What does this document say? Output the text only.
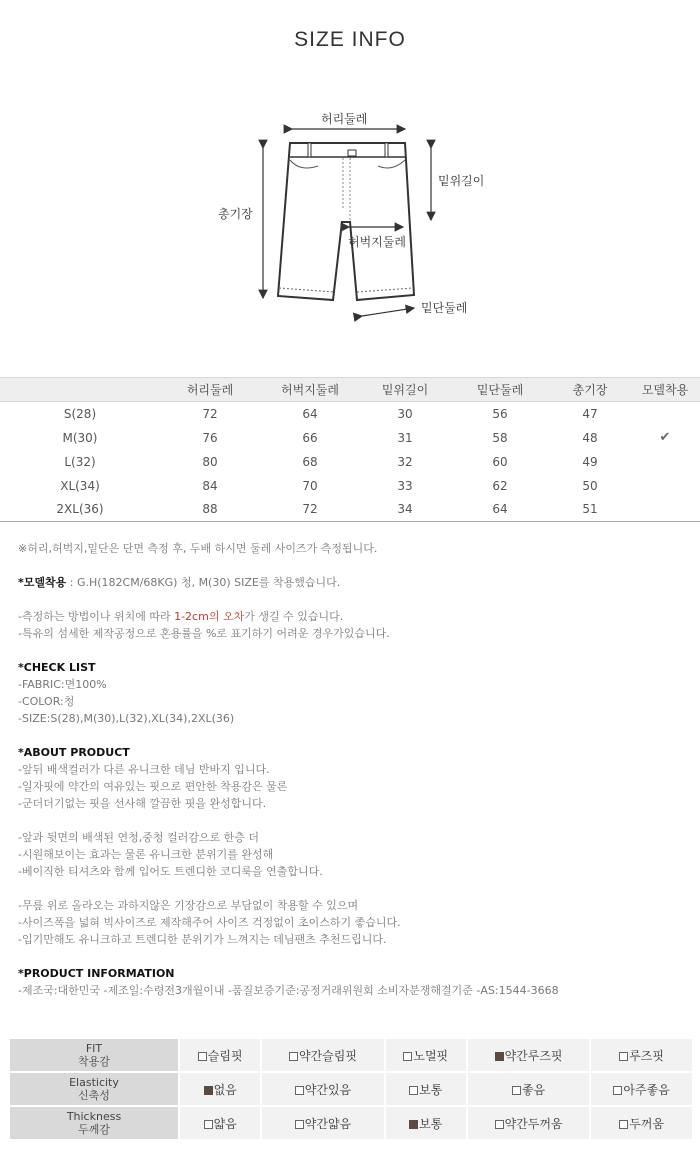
SIZE INFO
허리둘레
밑위길이
총기장
허벅지둘레
밑단둘레
	허리둘레	허벅지둘레	밑위길이	밑단둘레	총기장	모델착용
S(28)	72	64	30	56	47	
M(30)	76	66	31	58	48	✔
L(32)	80	68	32	60	49	
XL(34)	84	70	33	62	50	
2XL(36)	88	72	34	64	51	
※허리,허벅지,밑단은 단면 측정 후, 두배 하시면 둘레 사이즈가 측정됩니다.
*모델착용 : G.H(182CM/68KG) 청, M(30) SIZE를 착용했습니다.
-측정하는 방법이나 위치에 따라 1-2cm의 오차가 생길 수 있습니다.
-특유의 섬세한 제작공정으로 혼용률을 %로 표기하기 어려운 경우가있습니다.
*CHECK LIST
-FABRIC:면100%
-COLOR:청
-SIZE:S(28),M(30),L(32),XL(34),2XL(36)
*ABOUT PRODUCT
-앞뒤 배색컬러가 다른 유니크한 데님 반바지 입니다.
-일자핏에 약간의 여유있는 핏으로 편안한 착용감은 물론
-군더더기없는 핏을 선사해 깔끔한 핏을 완성합니다.
-앞과 뒷면의 배색된 연청,중청 컬러감으로 한층 더
-시원해보이는 효과는 물론 유니크한 분위기를 완성해
-베이직한 티셔츠와 함께 입어도 트렌디한 코디룩을 연출합니다.
-무릎 위로 올라오는 과하지않은 기장감으로 부담없이 착용할 수 있으며
-사이즈폭을 넓혀 빅사이즈로 제작해주어 사이즈 걱정없이 초이스하기 좋습니다.
-입기만해도 유니크하고 트렌디한 분위기가 느껴지는 데님팬츠 추천드립니다.
*PRODUCT INFORMATION
-제조국:대한민국 -제조일:수령전3개월이내 -품질보증기준:공정거래위원회 소비자분쟁해결기준 -AS:1544-3668
FIT
착용감	슬림핏	약간슬림핏	노멀핏	약간루즈핏	루즈핏

Elasticity
신축성	없음	약간있음	보통	좋음	아주좋음

Thickness
두께감	얇음	약간얇음	보통	약간두꺼움	두꺼움
